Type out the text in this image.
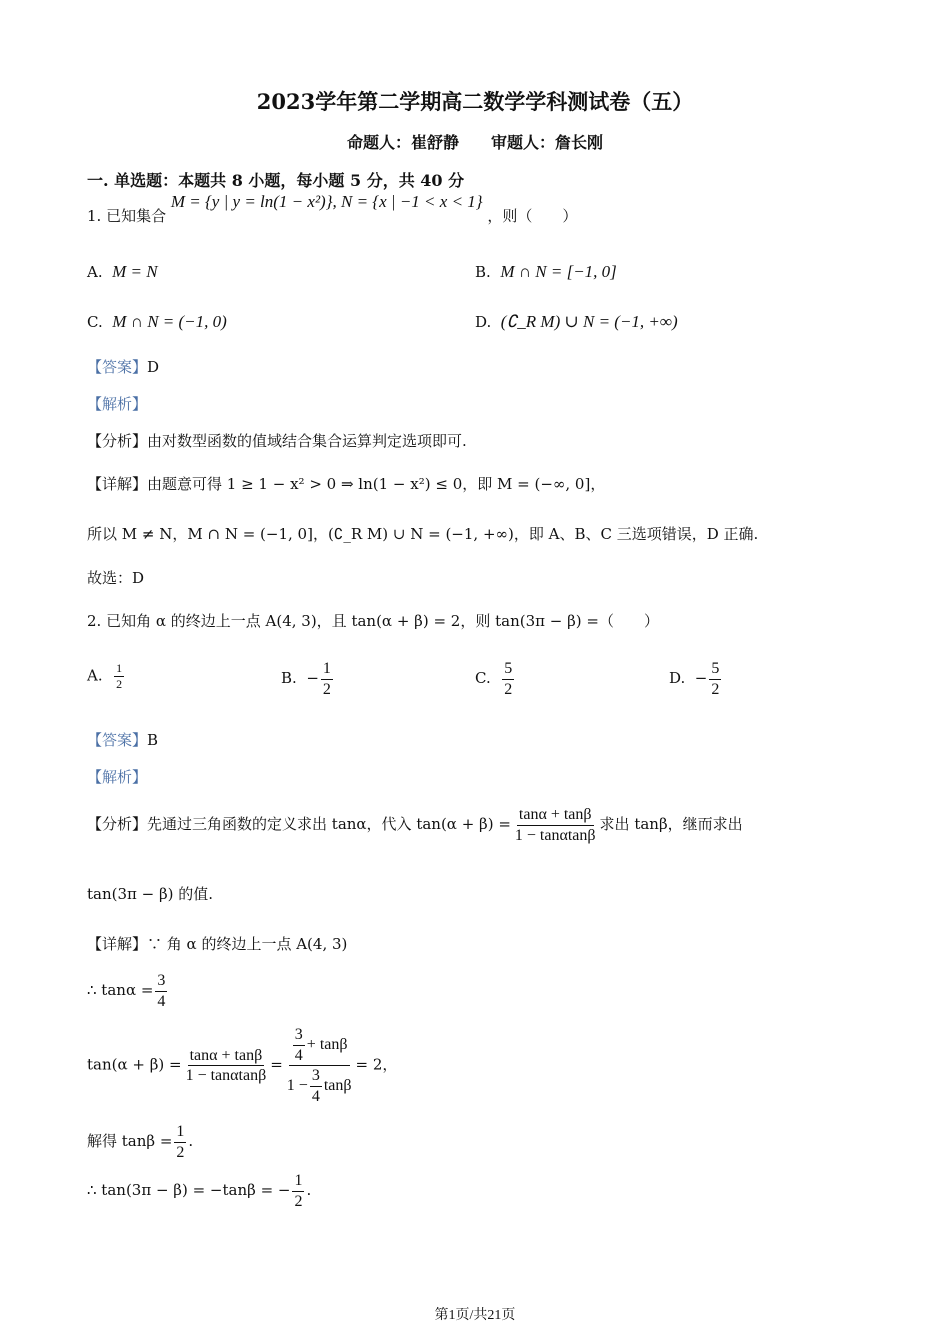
2023学年第二学期高二数学学科测试卷（五）
命题人：崔舒静　　审题人：詹长刚
一. 单选题：本题共 8 小题，每小题 5 分，共 40 分
1. 已知集合 M = {y | y = ln(1 − x²)}, N = {x | −1 < x < 1} ，则（　　）
A.  M = N	B.  M ∩ N = [−1, 0]
C.  M ∩ N = (−1, 0)	D.  (∁_R M) ∪ N = (−1, +∞)
【答案】D
【解析】
【分析】由对数型函数的值域结合集合运算判定选项即可.
【详解】由题意可得 1 ≥ 1 − x² > 0 ⇒ ln(1 − x²) ≤ 0，即 M = (−∞, 0]，
所以 M ≠ N，M ∩ N = (−1, 0]，(∁_R M) ∪ N = (−1, +∞)，即 A、B、C 三选项错误，D 正确.
故选：D
2. 已知角 α 的终边上一点 A(4, 3)，且 tan(α + β) = 2，则 tan(3π − β) =（　　）
A. $\frac{1}{2}$	B.  − $\frac{1}{2}$	C. $\frac{5}{2}$	D.  − $\frac{5}{2}$
【答案】B
【解析】
【分析】先通过三角函数的定义求出 tanα，代入 $\tan(\alpha + \beta) = \frac{\tan\alpha + \tan\beta}{1 - \tan\alpha\tan\beta}$ 求出 tanβ，继而求出
tan(3π − β) 的值.
【详解】∵ 角 α 的终边上一点 A(4, 3)
∴ $\tan\alpha = \frac{3}{4}$
$\tan(\alpha + \beta) = \frac{\tan\alpha + \tan\beta}{1 - \tan\alpha\tan\beta} = \frac{\frac{3}{4} + \tan\beta}{1 - \frac{3}{4} \tan\beta} = 2$，
解得 $\tan\beta = \frac{1}{2}$ .
∴ tan(3π − β) = −tanβ = − $\frac{1}{2}$ .
第1页/共21页
